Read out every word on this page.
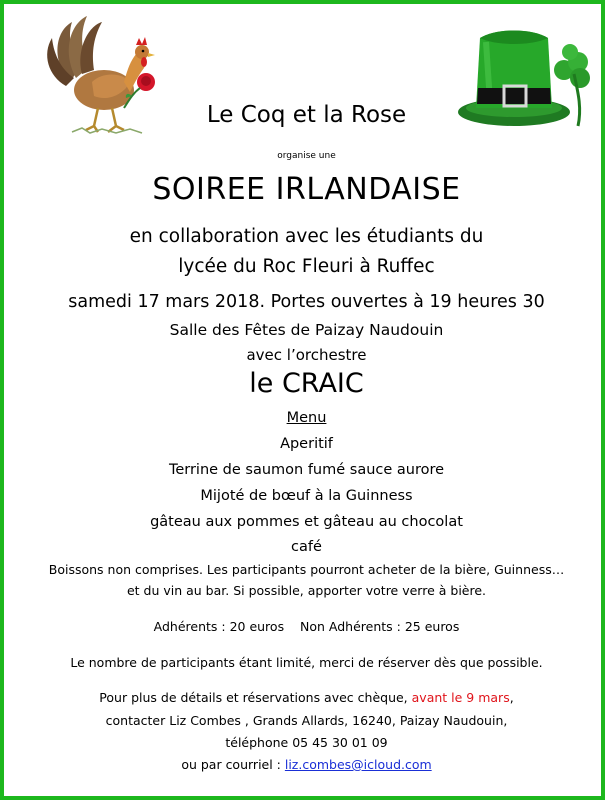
Le Coq et la Rose
organise une
SOIREE IRLANDAISE
en collaboration avec les étudiants du
lycée du Roc Fleuri à Ruffec
samedi 17 mars 2018. Portes ouvertes à 19 heures 30
Salle des Fêtes de Paizay Naudouin
avec l’orchestre
le CRAIC
Menu
Aperitif
Terrine de saumon fumé sauce aurore
Mijoté de bœuf à la Guinness
gâteau aux pommes et gâteau au chocolat
café
Boissons non comprises. Les participants pourront acheter de la bière, Guinness…
et du vin au bar. Si possible, apporter votre verre à bière.
Adhérents : 20 euros Non Adhérents : 25 euros
Le nombre de participants étant limité, merci de réserver dès que possible.
Pour plus de détails et réservations avec chèque, avant le 9 mars,
contacter Liz Combes , Grands Allards, 16240, Paizay Naudouin,
téléphone 05 45 30 01 09
ou par courriel : liz.combes@icloud.com
